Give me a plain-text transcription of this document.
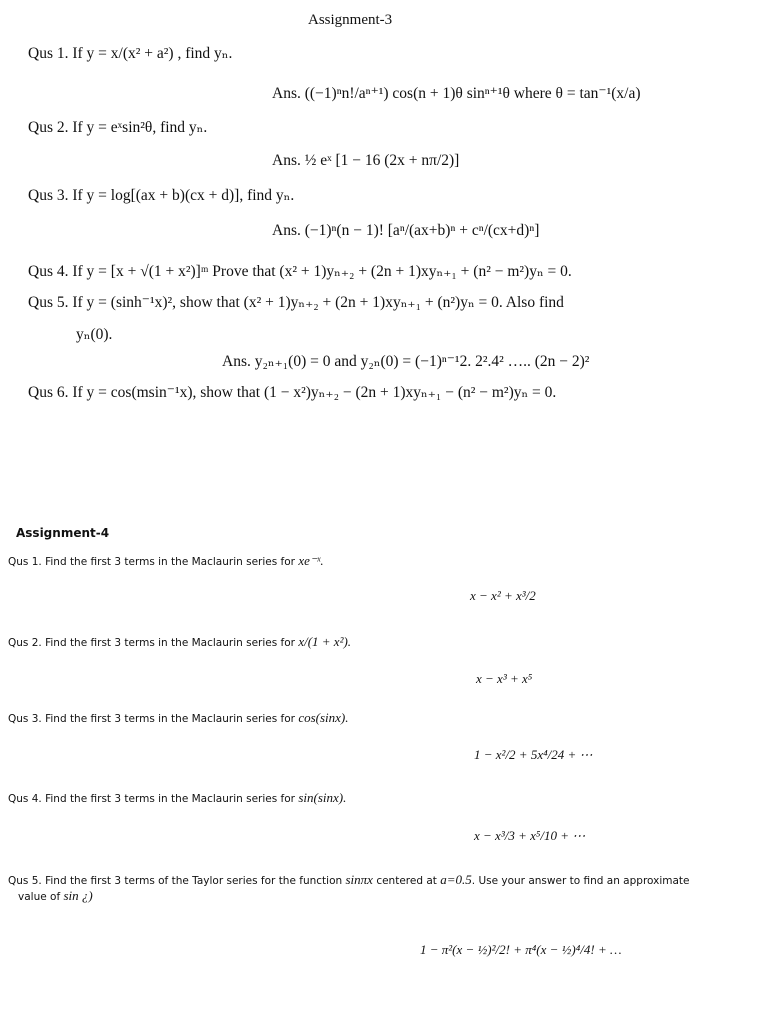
Assignment-3
Qus 1. If y = x/(x² + a²) , find yₙ.
Ans. ((−1)ⁿn!/aⁿ⁺¹) cos(n + 1)θ sinⁿ⁺¹θ where θ = tan⁻¹(x/a)
Qus 2. If y = eˣsin²θ, find yₙ.
Ans. ½ eˣ [1 − 16 (2x + nπ/2)]
Qus 3. If y = log[(ax + b)(cx + d)], find yₙ.
Ans. (−1)ⁿ(n − 1)! [aⁿ/(ax+b)ⁿ + cⁿ/(cx+d)ⁿ]
Qus 4. If y = [x + √(1 + x²)]ᵐ Prove that (x² + 1)yₙ₊₂ + (2n + 1)xyₙ₊₁ + (n² − m²)yₙ = 0.
Qus 5. If y = (sinh⁻¹x)², show that (x² + 1)yₙ₊₂ + (2n + 1)xyₙ₊₁ + (n²)yₙ = 0. Also find
yₙ(0).
Ans. y₂ₙ₊₁(0) = 0 and y₂ₙ(0) = (−1)ⁿ⁻¹2. 2².4² ….. (2n − 2)²
Qus 6. If y = cos(msin⁻¹x), show that (1 − x²)yₙ₊₂ − (2n + 1)xyₙ₊₁ − (n² − m²)yₙ = 0.
Assignment-4
Qus 1. Find the first 3 terms in the Maclaurin series for xe⁻ˣ.
x − x² + x³/2
Qus 2. Find the first 3 terms in the Maclaurin series for x/(1 + x²).
x − x³ + x⁵
Qus 3. Find the first 3 terms in the Maclaurin series for cos(sinx).
1 − x²/2 + 5x⁴/24 + ⋯
Qus 4. Find the first 3 terms in the Maclaurin series for sin(sinx).
x − x³/3 + x⁵/10 + ⋯
Qus 5. Find the first 3 terms of the Taylor series for the function sinπx centered at a=0.5. Use your answer to find an approximate
value of sin ¿)
1 − π²(x − ½)²/2! + π⁴(x − ½)⁴/4! + …
